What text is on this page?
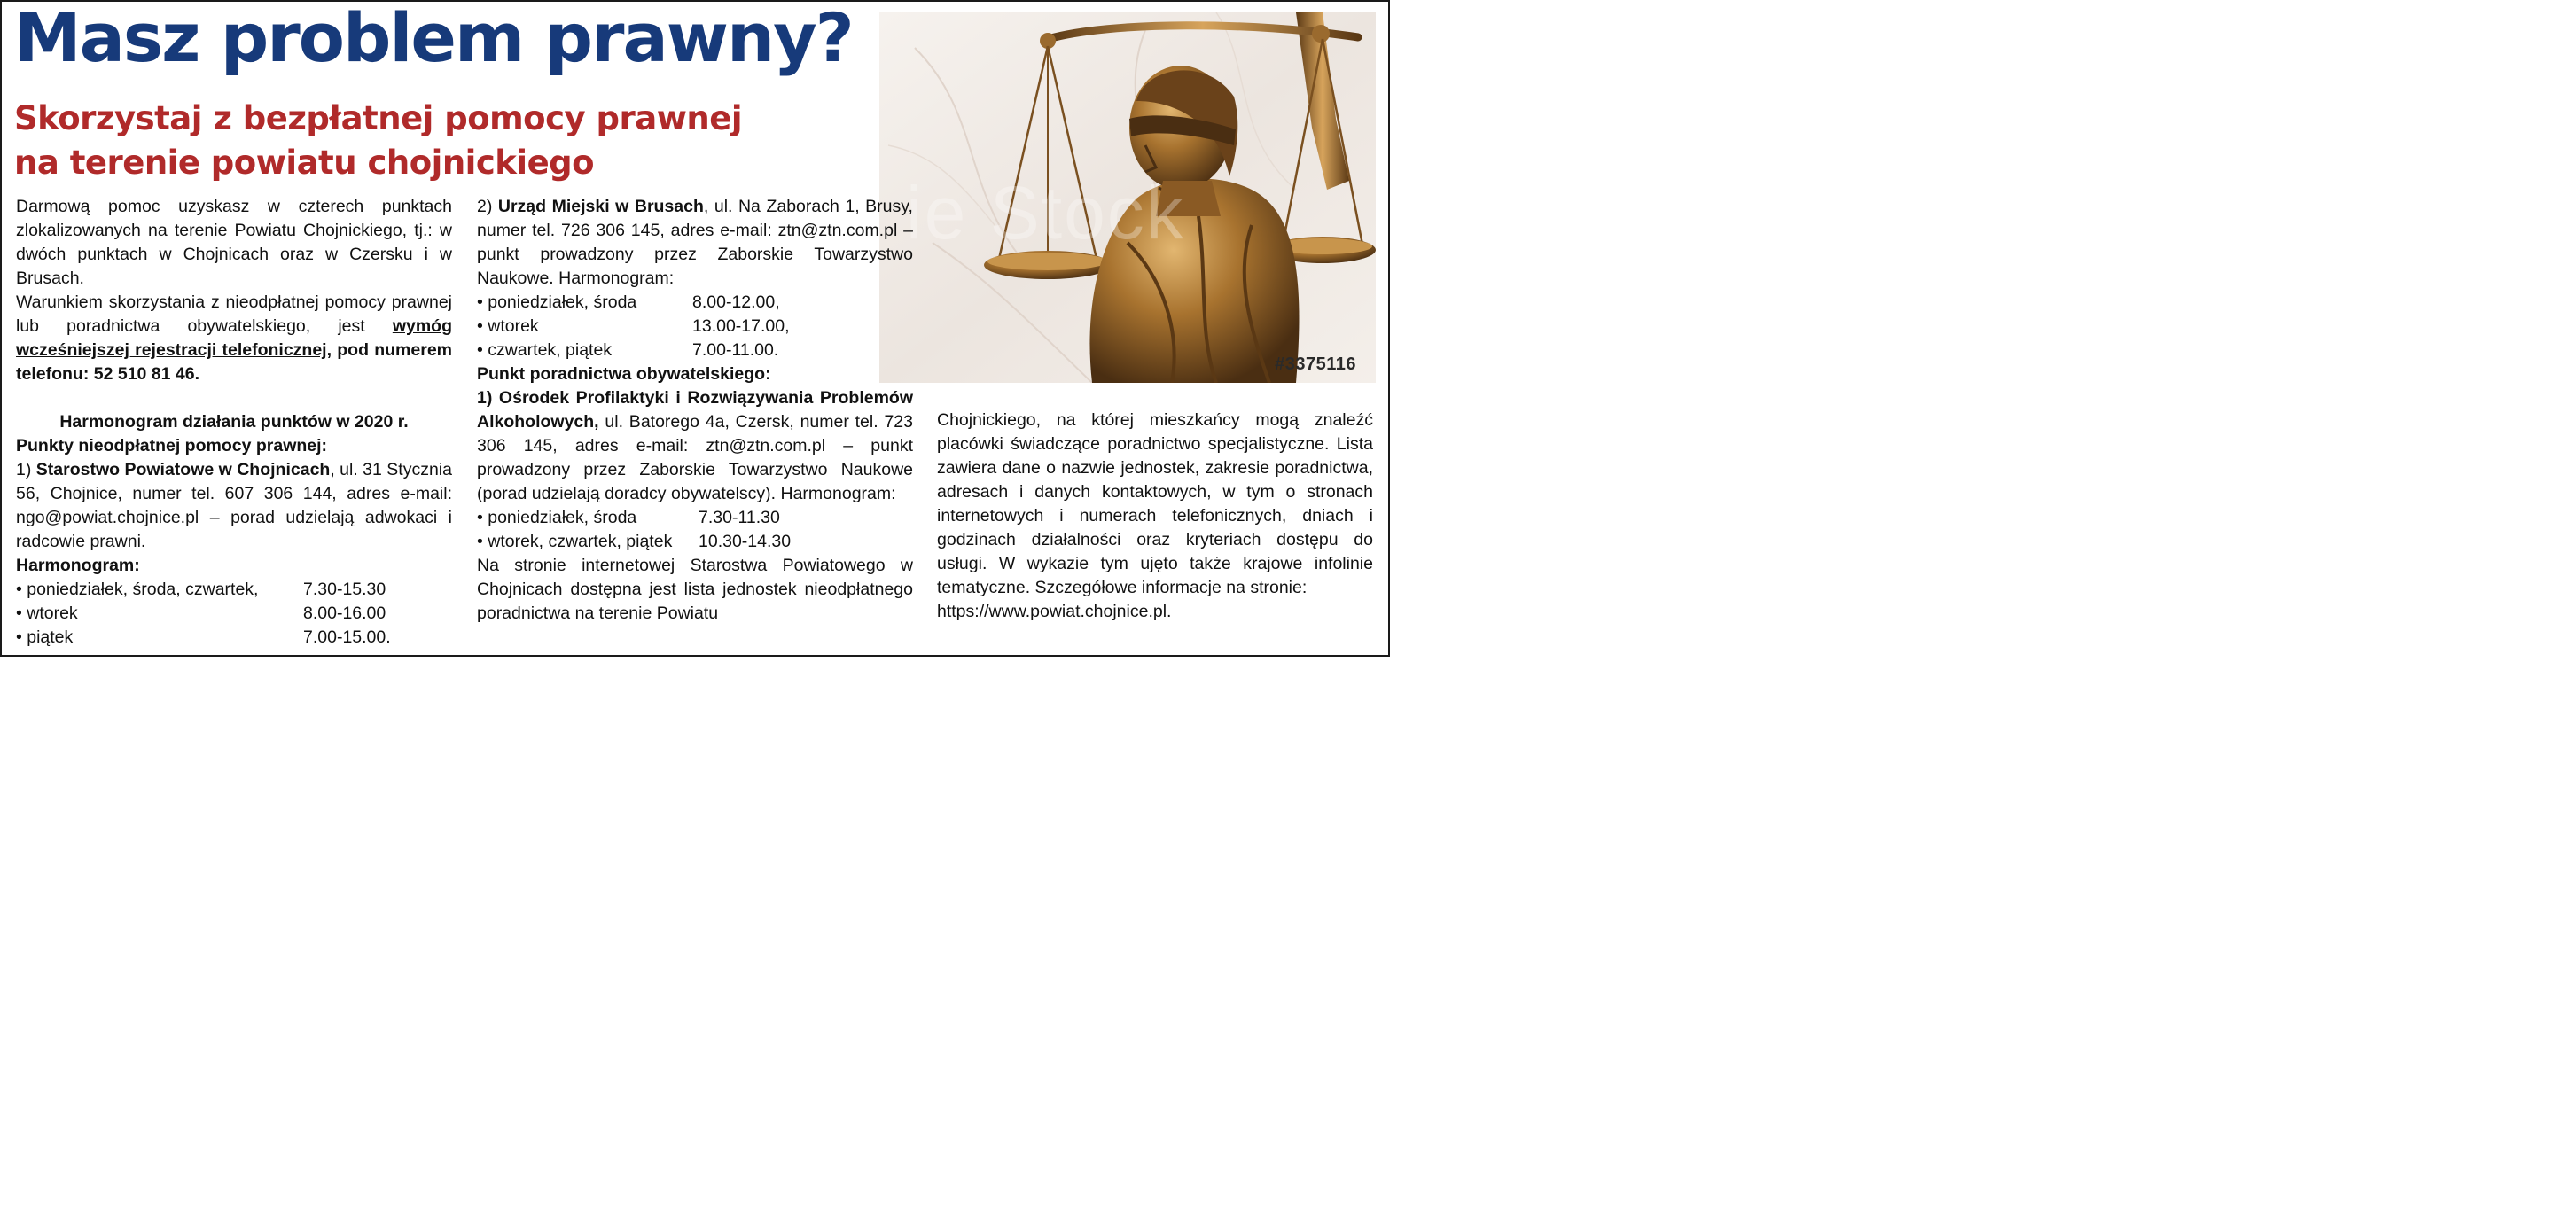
ie Stock
#3375116
Masz problem prawny?

Skorzystaj z bezpłatnej pomocy prawnej

na terenie powiatu chojnickiego

Darmową pomoc uzyskasz w czterech punktach zlokalizowanych na terenie Powiatu Chojnickiego, tj.: w dwóch punktach w Chojnicach oraz w Czersku i w Brusach.

Warunkiem skorzystania z nieodpłatnej pomocy prawnej lub poradnictwa obywatelskiego, jest wymóg wcześniejszej rejestracji telefonicznej, pod numerem telefonu: 52 510 81 46.

Harmonogram działania punktów w 2020 r.

Punkty nieodpłatnej pomocy prawnej:

1) Starostwo Powiatowe w Chojnicach, ul. 31 Stycznia 56, Chojnice, numer tel. 607 306 144, adres e-mail: ngo@powiat.chojnice.pl – porad udzielają adwokaci i radcowie prawni.

Harmonogram:

• poniedziałek, środa, czwartek,	7.30-15.30
• wtorek	8.00-16.00
• piątek	7.00-15.00.

2) Urząd Miejski w Brusach, ul. Na Zaborach 1, Brusy, numer tel. 726 306 145, adres e-mail: ztn@ztn.com.pl – punkt prowadzony przez Zaborskie Towarzystwo Naukowe. Harmonogram:

• poniedziałek, środa	8.00-12.00,
• wtorek	13.00-17.00,
• czwartek, piątek	7.00-11.00.

Punkt poradnictwa obywatelskiego:

1) Ośrodek Profilaktyki i Rozwiązywania Problemów Alkoholowych, ul. Batorego 4a, Czersk, numer tel. 723 306 145, adres e-mail: ztn@ztn.com.pl – punkt prowadzony przez Zaborskie Towarzystwo Naukowe (porad udzielają doradcy obywatelscy). Harmonogram:

• poniedziałek, środa	7.30-11.30
• wtorek, czwartek, piątek	10.30-14.30

Na stronie internetowej Starostwa Powiatowego w Chojnicach dostępna jest lista jednostek nieodpłatnego poradnictwa na terenie Powiatu

Chojnickiego, na której mieszkańcy mogą znaleźć placówki świadczące poradnictwo specjalistyczne. Lista zawiera dane o nazwie jednostek, zakresie poradnictwa, adresach i danych kontaktowych, w tym o stronach internetowych i numerach telefonicznych, dniach i godzinach działalności oraz kryteriach dostępu do usługi. W wykazie tym ujęto także krajowe infolinie tematyczne. Szczegółowe informacje na stronie:

https://www.powiat.chojnice.pl.
